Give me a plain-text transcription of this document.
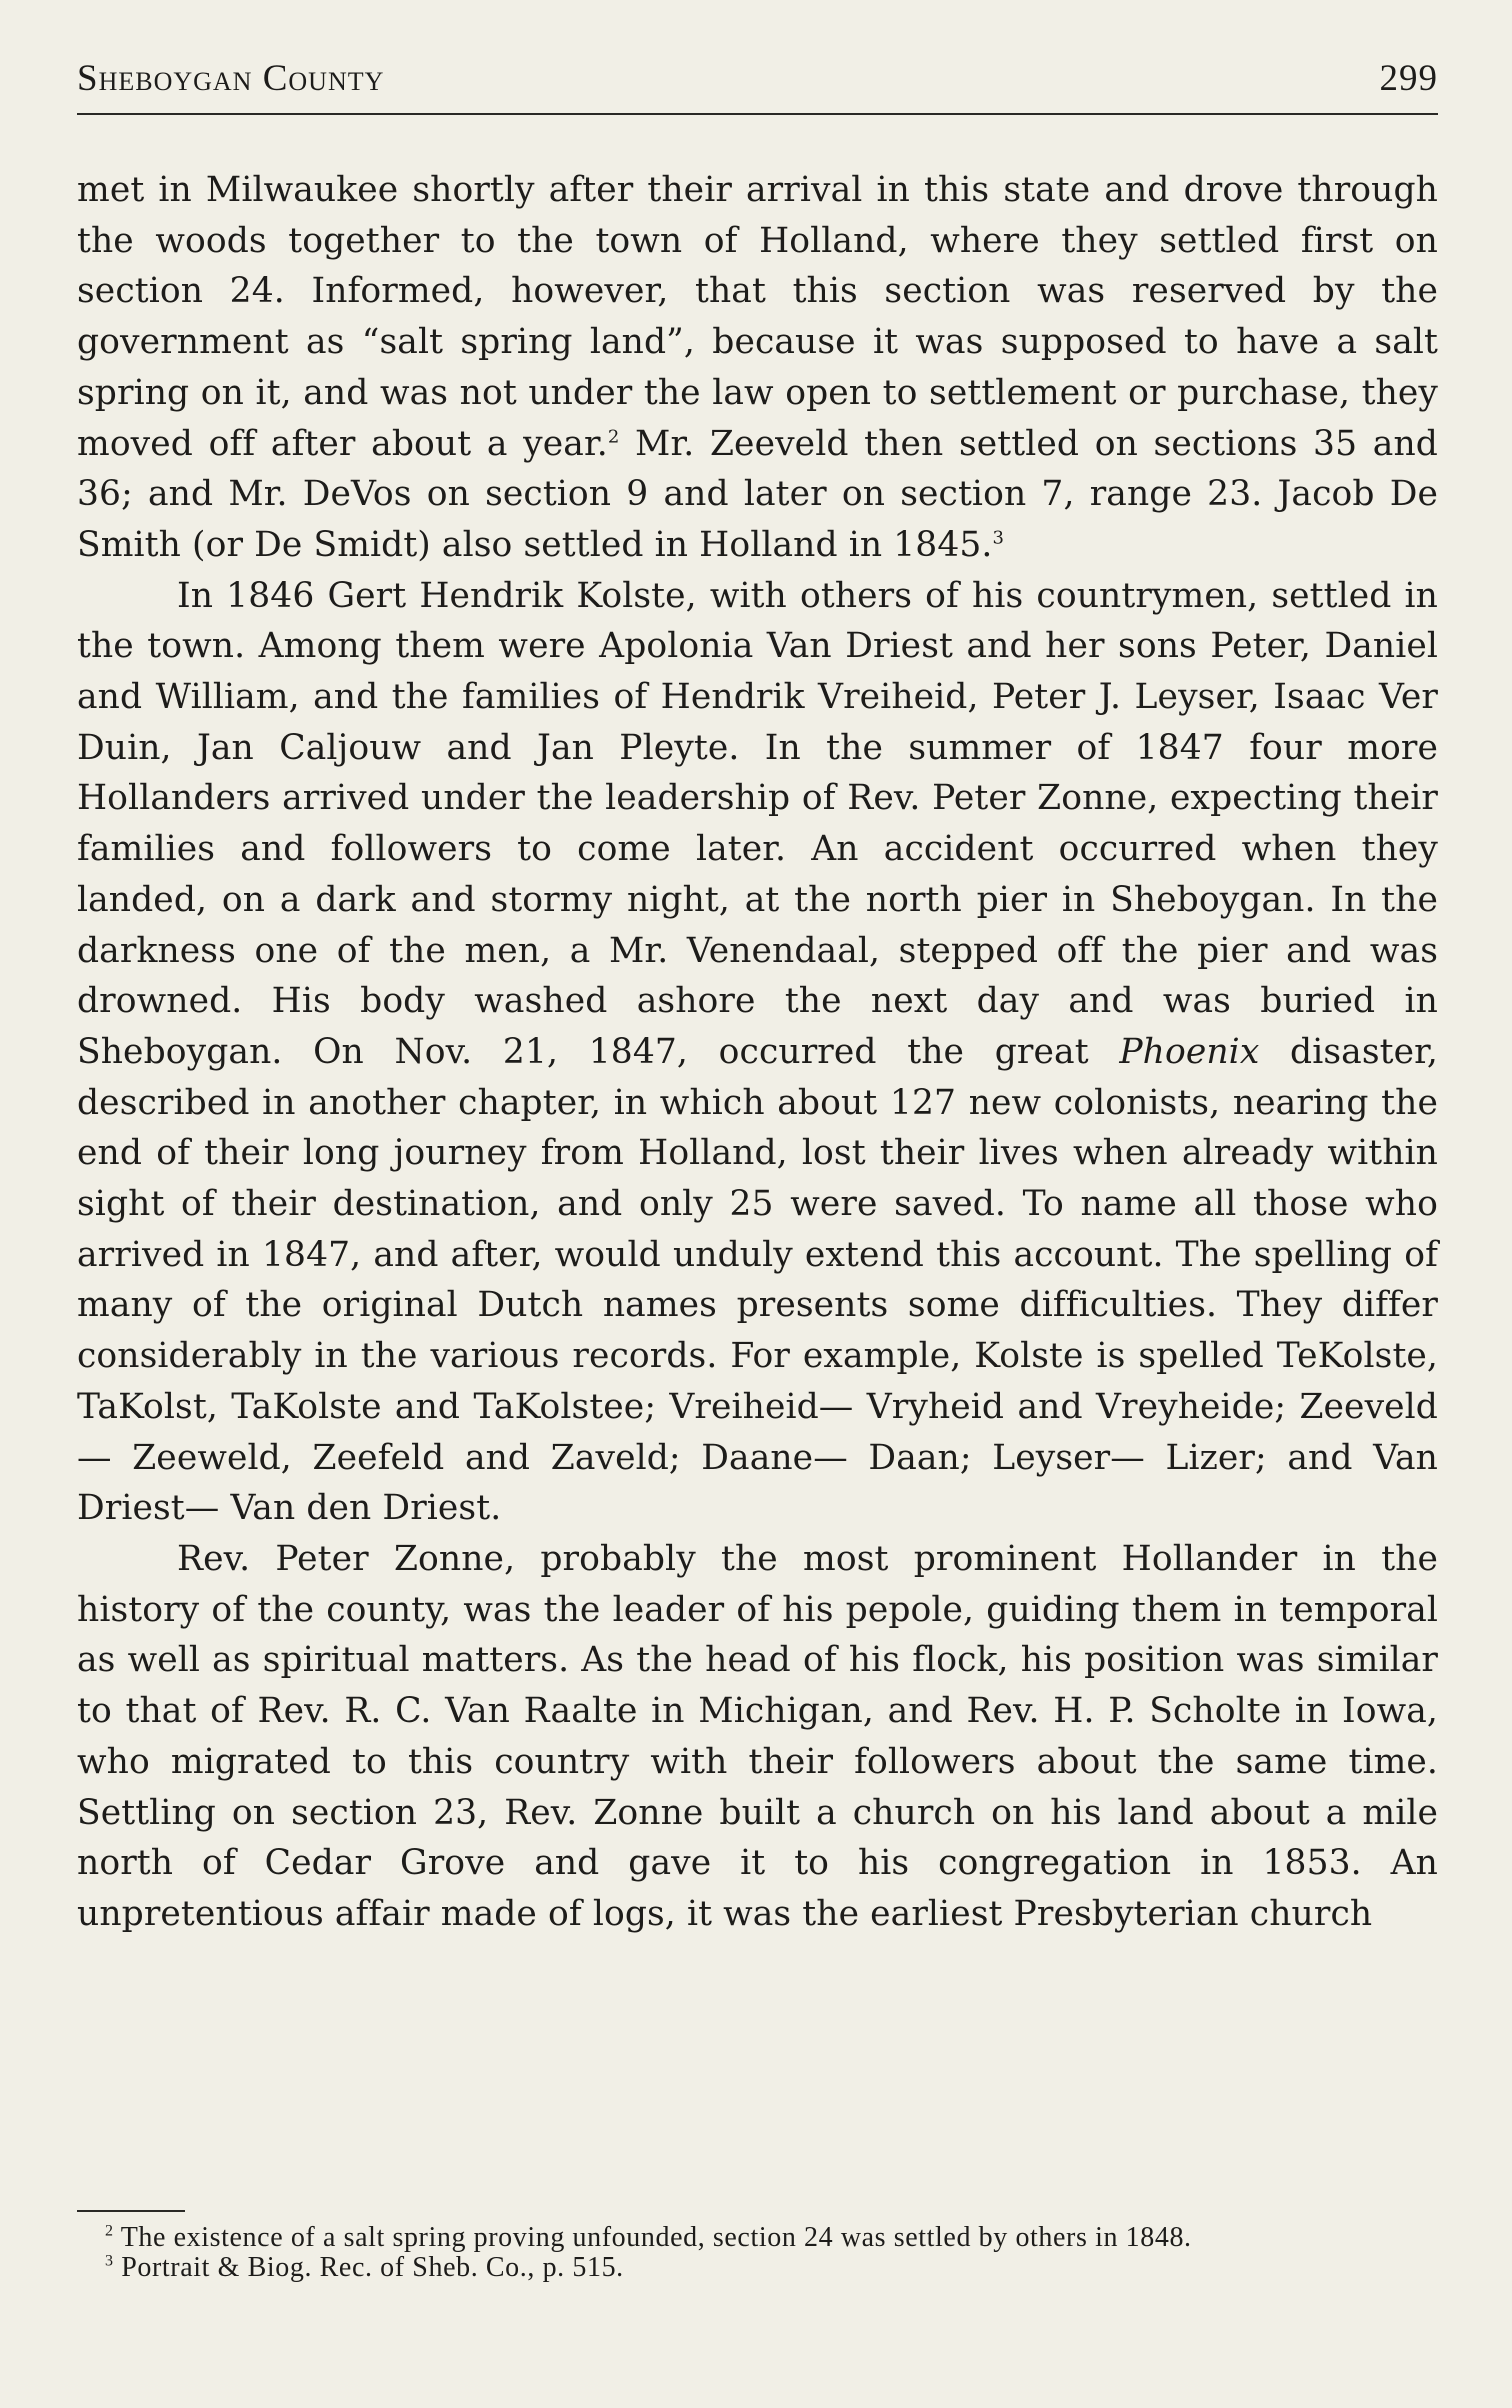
Sheboygan County	299

met in Milwaukee shortly after their arrival in this state and drove through the woods together to the town of Holland, where they settled first on section 24. Informed, however, that this section was reserved by the government as “salt spring land”, because it was supposed to have a salt spring on it, and was not under the law open to settlement or purchase, they moved off after about a year.$^2$ Mr. Zeeveld then settled on sections 35 and 36; and Mr. DeVos on section 9 and later on section 7, range 23. Jacob De Smith (or De Smidt) also settled in Holland in 1845.$^3$

In 1846 Gert Hendrik Kolste, with others of his countrymen, settled in the town. Among them were Apolonia Van Driest and her sons Peter, Daniel and William, and the families of Hendrik Vreiheid, Peter J. Leyser, Isaac Ver Duin, Jan Caljouw and Jan Pleyte. In the summer of 1847 four more Hollanders arrived under the leadership of Rev. Peter Zonne, expecting their families and followers to come later. An accident occurred when they landed, on a dark and stormy night, at the north pier in Sheboygan. In the darkness one of the men, a Mr. Venendaal, stepped off the pier and was drowned. His body washed ashore the next day and was buried in Sheboygan. On Nov. 21, 1847, occurred the great Phoenix disaster, described in another chapter, in which about 127 new colonists, nearing the end of their long journey from Holland, lost their lives when already within sight of their destination, and only 25 were saved. To name all those who arrived in 1847, and after, would unduly extend this account. The spelling of many of the original Dutch names presents some difficulties. They differ considerably in the various records. For example, Kolste is spelled TeKolste, TaKolst, TaKolste and TaKolstee; Vreiheid— Vryheid and Vreyheide; Zeeveld— Zeeweld, Zeefeld and Zaveld; Daane— Daan; Leyser— Lizer; and Van Driest— Van den Driest.

Rev. Peter Zonne, probably the most prominent Hollander in the history of the county, was the leader of his pepole, guiding them in temporal as well as spiritual matters. As the head of his flock, his position was similar to that of Rev. R. C. Van Raalte in Michigan, and Rev. H. P. Scholte in Iowa, who migrated to this country with their followers about the same time. Settling on section 23, Rev. Zonne built a church on his land about a mile north of Cedar Grove and gave it to his congregation in 1853. An unpretentious affair made of logs, it was the earliest Presbyterian church

$^2$ The existence of a salt spring proving unfounded, section 24 was settled by others in 1848.

$^3$ Portrait & Biog. Rec. of Sheb. Co., p. 515.
